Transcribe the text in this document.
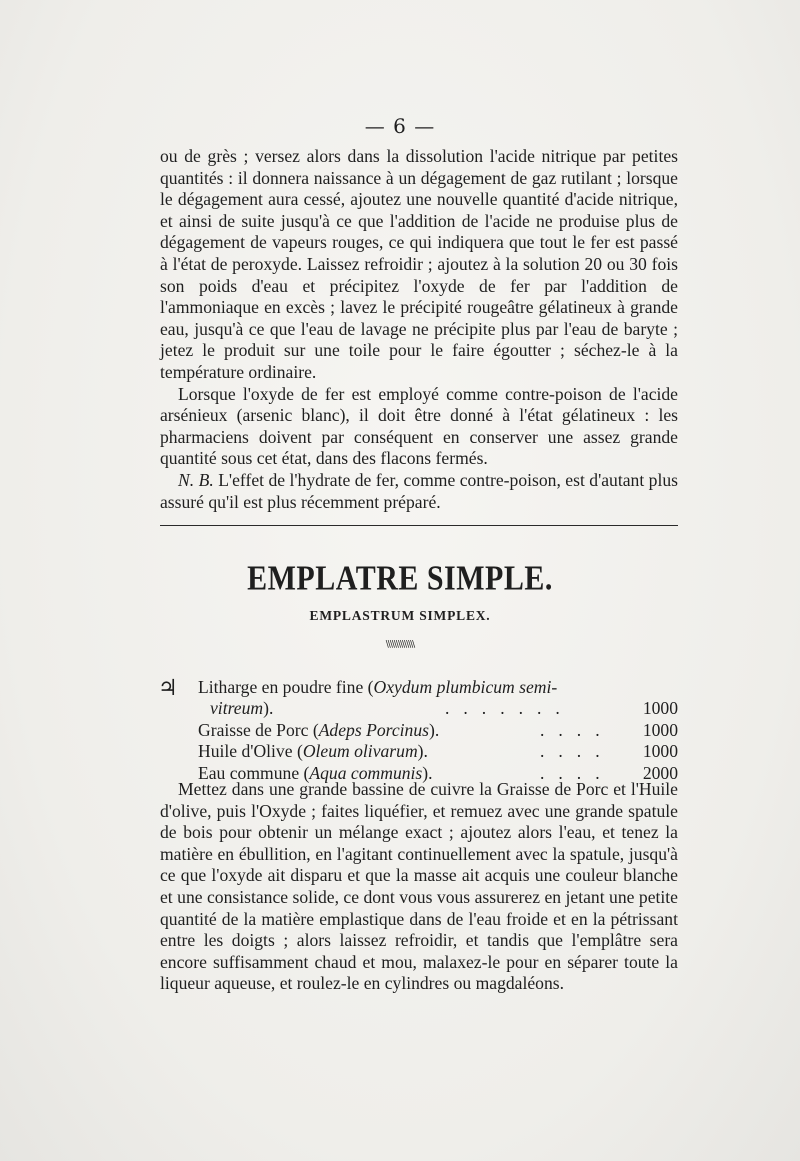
— 6 —

ou de grès ; versez alors dans la dissolution l'acide nitrique par petites quantités : il donnera naissance à un dégagement de gaz rutilant ; lorsque le dégagement aura cessé, ajoutez une nouvelle quantité d'acide nitrique, et ainsi de suite jusqu'à ce que l'addition de l'acide ne produise plus de dégagement de vapeurs rouges, ce qui indiquera que tout le fer est passé à l'état de peroxyde. Laissez refroidir ; ajoutez à la solution 20 ou 30 fois son poids d'eau et précipitez l'oxyde de fer par l'addition de l'ammoniaque en excès ; lavez le précipité rougeâtre gélatineux à grande eau, jusqu'à ce que l'eau de lavage ne précipite plus par l'eau de baryte ; jetez le produit sur une toile pour le faire égoutter ; séchez-le à la température ordinaire.

Lorsque l'oxyde de fer est employé comme contre-poison de l'acide arsénieux (arsenic blanc), il doit être donné à l'état gélatineux : les pharmaciens doivent par conséquent en conserver une assez grande quantité sous cet état, dans des flacons fermés.

N. B. L'effet de l'hydrate de fer, comme contre-poison, est d'autant plus assuré qu'il est plus récemment préparé.

EMPLATRE SIMPLE.
EMPLASTRUM SIMPLEX.
\\\\\\\\\\\\\\
♃ Litharge en poudre fine (Oxydum plumbicum semi-
vitreum).	.......	1000
Graisse de Porc (Adeps Porcinus).	.... 1000
Huile d'Olive (Oleum olivarum).	.... 1000
Eau commune (Aqua communis).	.... 2000

Mettez dans une grande bassine de cuivre la Graisse de Porc et l'Huile d'olive, puis l'Oxyde ; faites liquéfier, et remuez avec une grande spatule de bois pour obtenir un mélange exact ; ajoutez alors l'eau, et tenez la matière en ébullition, en l'agitant continuellement avec la spatule, jusqu'à ce que l'oxyde ait disparu et que la masse ait acquis une couleur blanche et une consistance solide, ce dont vous vous assurerez en jetant une petite quantité de la matière emplastique dans de l'eau froide et en la pétrissant entre les doigts ; alors laissez refroidir, et tandis que l'emplâtre sera encore suffisamment chaud et mou, malaxez-le pour en séparer toute la liqueur aqueuse, et roulez-le en cylindres ou magdaléons.
